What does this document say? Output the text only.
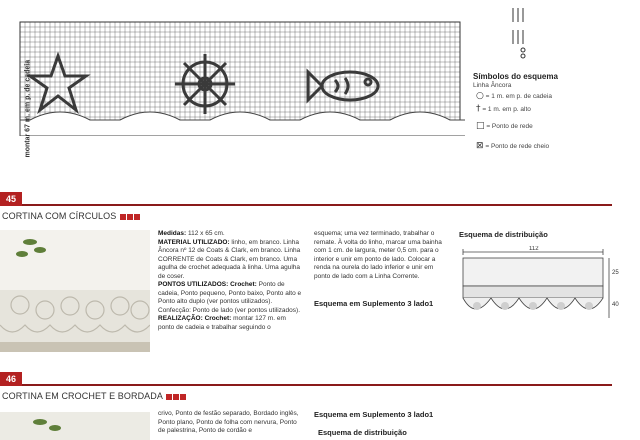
montar 67 m. em p. de cadeia	Símbolos do esquema
Linha Âncora
○ = 1 m. em p. de cadeia
† = 1 m. em p. alto
□ = Ponto de rede
⊠ = Ponto de rede cheio
45
CORTINA COM CÍRCULOS
Medidas: 112 x 65 cm.
MATERIAL UTILIZADO: linho, em branco. Linha Âncora nº 12 de Coats & Clark, em branco. Linha CORRENTE de Coats & Clark, em branco. Uma agulha de crochet adequada à linha. Uma agulha de coser.
PONTOS UTILIZADOS: Crochet: Ponto de cadeia, Ponto pequeno, Ponto baixo, Ponto alto e Ponto alto duplo (ver pontos utilizados). Confecção: Ponto de lado (ver pontos utilizados).
REALIZAÇÃO: Crochet: montar 127 m. em ponto de cadeia e trabalhar seguindo o
esquema; uma vez terminado, trabalhar o remate. À volta do linho, marcar uma bainha com 1 cm. de largura, meter 0,5 cm. para o interior e unir em ponto de lado. Colocar a renda na ourela do lado inferior e unir em ponto de lado com a Linha Corrente.
Esquema em Suplemento 3 lado1
Esquema de distribuição
112
25
40
46
CORTINA EM CROCHET E BORDADA
crivo, Ponto de festão separado, Bordado inglês, Ponto plano, Ponto de folha com nervura, Ponto de palestrina, Ponto de cordão e
Esquema em Suplemento 3 lado1
Esquema de distribuição
